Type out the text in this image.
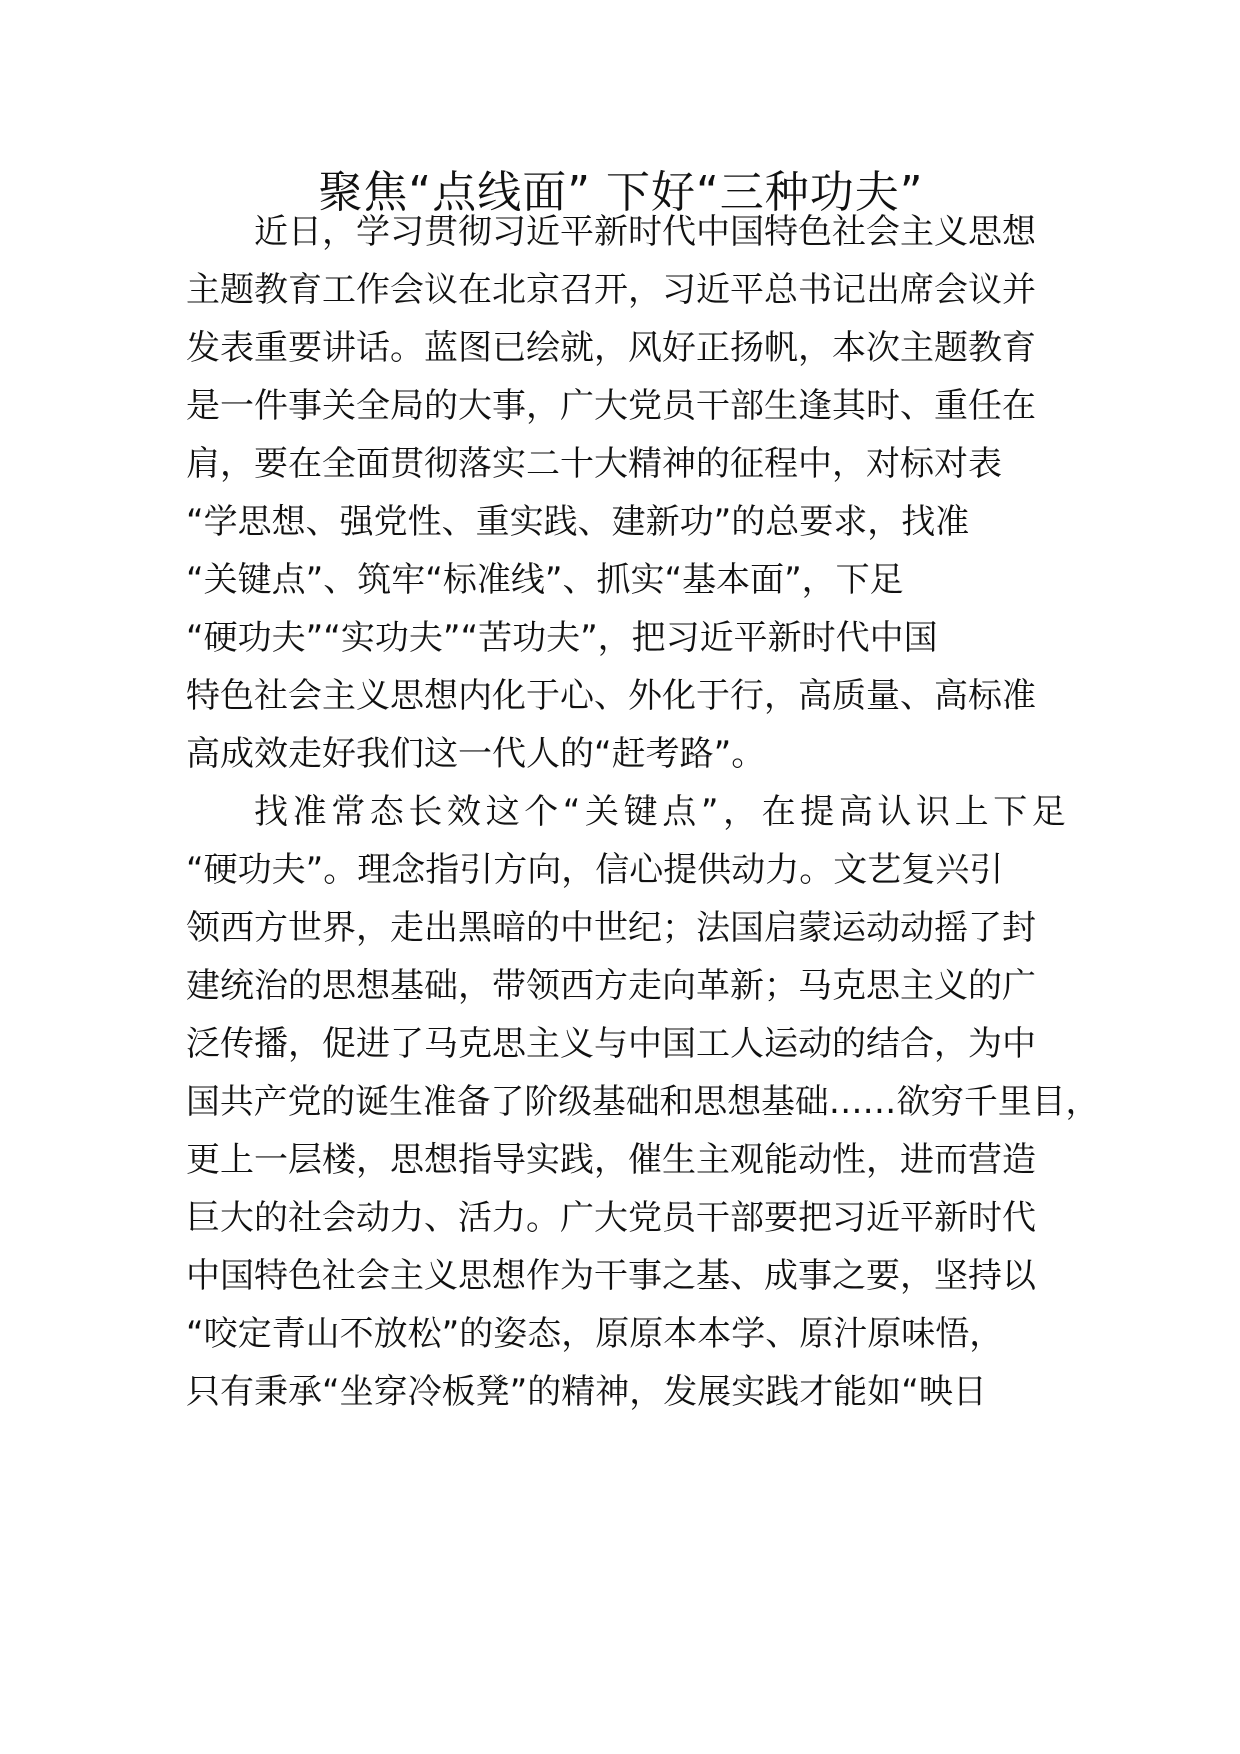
聚焦“点线面” 下好“三种功夫”
近日，学习贯彻习近平新时代中国特色社会主义思想
主题教育工作会议在北京召开，习近平总书记出席会议并
发表重要讲话。蓝图已绘就，风好正扬帆，本次主题教育
是一件事关全局的大事，广大党员干部生逢其时、重任在
肩，要在全面贯彻落实二十大精神的征程中，对标对表
“学思想、强党性、重实践、建新功”的总要求，找准
“关键点”、筑牢“标准线”、抓实“基本面”，下足
“硬功夫”“实功夫”“苦功夫”，把习近平新时代中国
特色社会主义思想内化于心、外化于行，高质量、高标准
高成效走好我们这一代人的“赶考路”。
找准常态长效这个“关键点”，在提高认识上下足
“硬功夫”。理念指引方向，信心提供动力。文艺复兴引
领西方世界，走出黑暗的中世纪；法国启蒙运动动摇了封
建统治的思想基础，带领西方走向革新；马克思主义的广
泛传播，促进了马克思主义与中国工人运动的结合，为中
国共产党的诞生准备了阶级基础和思想基础……欲穷千里目，
更上一层楼，思想指导实践，催生主观能动性，进而营造
巨大的社会动力、活力。广大党员干部要把习近平新时代
中国特色社会主义思想作为干事之基、成事之要，坚持以
“咬定青山不放松”的姿态，原原本本学、原汁原味悟，
只有秉承“坐穿冷板凳”的精神，发展实践才能如“映日
